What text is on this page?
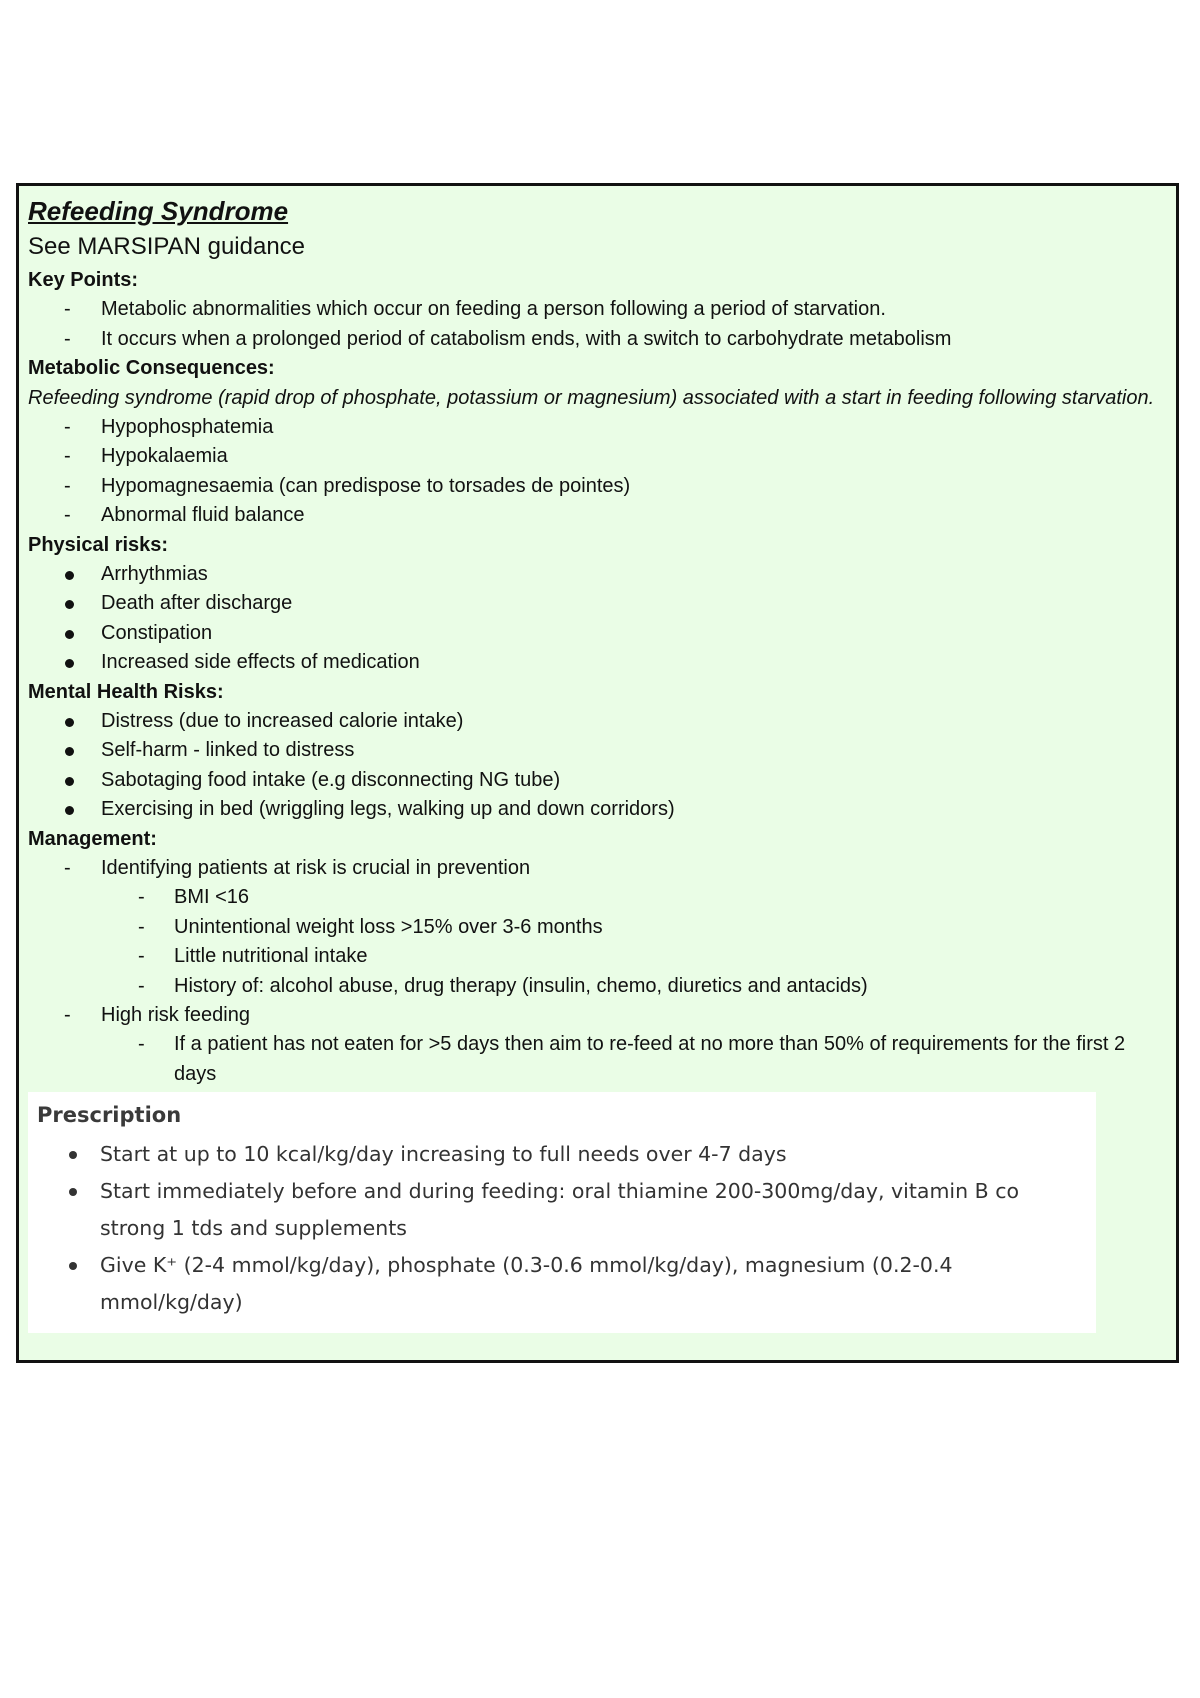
Refeeding Syndrome
See MARSIPAN guidance
Key Points:
- Metabolic abnormalities which occur on feeding a person following a period of starvation.
- It occurs when a prolonged period of catabolism ends, with a switch to carbohydrate metabolism
Metabolic Consequences:
Refeeding syndrome (rapid drop of phosphate, potassium or magnesium) associated with a start in feeding following starvation.
- Hypophosphatemia
- Hypokalaemia
- Hypomagnesaemia (can predispose to torsades de pointes)
- Abnormal fluid balance
Physical risks:
Arrhythmias
Death after discharge
Constipation
Increased side effects of medication
Mental Health Risks:
Distress (due to increased calorie intake)
Self-harm - linked to distress
Sabotaging food intake (e.g disconnecting NG tube)
Exercising in bed (wriggling legs, walking up and down corridors)
Management:
- Identifying patients at risk is crucial in prevention
- BMI <16
- Unintentional weight loss >15% over 3-6 months
- Little nutritional intake
- History of: alcohol abuse, drug therapy (insulin, chemo, diuretics and antacids)
- High risk feeding
- If a patient has not eaten for >5 days then aim to re-feed at no more than 50% of requirements for the first 2 days
Prescription
Start at up to 10 kcal/kg/day increasing to full needs over 4-7 days
Start immediately before and during feeding: oral thiamine 200-300mg/day, vitamin B co strong 1 tds and supplements
Give K⁺ (2-4 mmol/kg/day), phosphate (0.3-0.6 mmol/kg/day), magnesium (0.2-0.4 mmol/kg/day)
